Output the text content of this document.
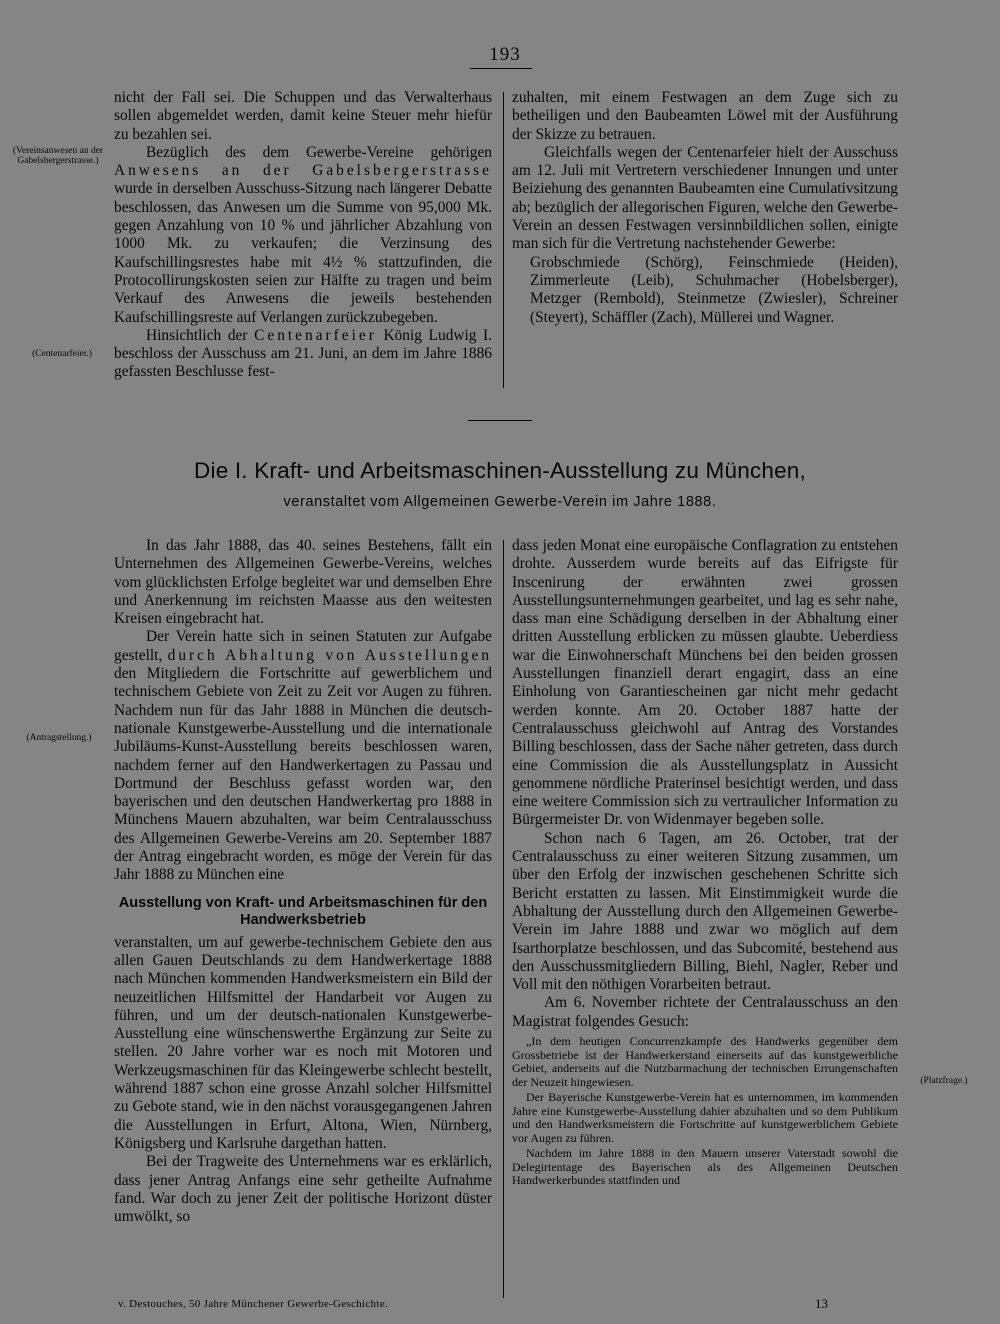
193

nicht der Fall sei. Die Schuppen und das Verwalterhaus sollen abgemeldet werden, damit keine Steuer mehr hiefür zu bezahlen sei.

Bezüglich des dem Gewerbe-Vereine gehörigen Anwesens an der Gabelsbergerstrasse wurde in derselben Ausschuss-Sitzung nach längerer Debatte beschlossen, das Anwesen um die Summe von 95,000 Mk. gegen Anzahlung von 10 % und jährlicher Abzahlung von 1000 Mk. zu verkaufen; die Verzinsung des Kaufschillingsrestes habe mit 4½ % stattzufinden, die Protocollirungskosten seien zur Hälfte zu tragen und beim Verkauf des Anwesens die jeweils bestehenden Kaufschillingsreste auf Verlangen zurückzubegeben.

Hinsichtlich der Centenarfeier König Ludwig I. beschloss der Ausschuss am 21. Juni, an dem im Jahre 1886 gefassten Beschlusse fest-

zuhalten, mit einem Festwagen an dem Zuge sich zu betheiligen und den Baubeamten Löwel mit der Ausführung der Skizze zu betrauen.

Gleichfalls wegen der Centenarfeier hielt der Ausschuss am 12. Juli mit Vertretern verschiedener Innungen und unter Beiziehung des genannten Baubeamten eine Cumulativsitzung ab; bezüglich der allegorischen Figuren, welche den Gewerbe-Verein an dessen Festwagen versinnbildlichen sollen, einigte man sich für die Vertretung nachstehender Gewerbe:

Grobschmiede (Schörg), Feinschmiede (Heiden), Zimmerleute (Leib), Schuhmacher (Hobelsberger), Metzger (Rembold), Steinmetze (Zwiesler), Schreiner (Steyert), Schäffler (Zach), Müllerei und Wagner.

(Vereinsanwesen an der Gabelsbergerstrasse.)
(Centenarfeier.)
(Antragstellung.)
(Platzfrage.)
Die I. Kraft- und Arbeitsmaschinen-Ausstellung zu München,
veranstaltet vom Allgemeinen Gewerbe-Verein im Jahre 1888.

In das Jahr 1888, das 40. seines Bestehens, fällt ein Unternehmen des Allgemeinen Gewerbe-Vereins, welches vom glücklichsten Erfolge begleitet war und demselben Ehre und Anerkennung im reichsten Maasse aus den weitesten Kreisen eingebracht hat.

Der Verein hatte sich in seinen Statuten zur Aufgabe gestellt, durch Abhaltung von Ausstellungen den Mitgliedern die Fortschritte auf gewerblichem und technischem Gebiete von Zeit zu Zeit vor Augen zu führen. Nachdem nun für das Jahr 1888 in München die deutsch-nationale Kunstgewerbe-Ausstellung und die internationale Jubiläums-Kunst-Ausstellung bereits beschlossen waren, nachdem ferner auf den Handwerkertagen zu Passau und Dortmund der Beschluss gefasst worden war, den bayerischen und den deutschen Handwerkertag pro 1888 in Münchens Mauern abzuhalten, war beim Centralausschuss des Allgemeinen Gewerbe-Vereins am 20. September 1887 der Antrag eingebracht worden, es möge der Verein für das Jahr 1888 zu München eine

Ausstellung von Kraft- und Arbeitsmaschinen für den Handwerksbetrieb

veranstalten, um auf gewerbe-technischem Gebiete den aus allen Gauen Deutschlands zu dem Handwerkertage 1888 nach München kommenden Handwerksmeistern ein Bild der neuzeitlichen Hilfsmittel der Handarbeit vor Augen zu führen, und um der deutsch-nationalen Kunstgewerbe-Ausstellung eine wünschenswerthe Ergänzung zur Seite zu stellen. 20 Jahre vorher war es noch mit Motoren und Werkzeugsmaschinen für das Kleingewerbe schlecht bestellt, während 1887 schon eine grosse Anzahl solcher Hilfsmittel zu Gebote stand, wie in den nächst vorausgegangenen Jahren die Ausstellungen in Erfurt, Altona, Wien, Nürnberg, Königsberg und Karlsruhe dargethan hatten.

Bei der Tragweite des Unternehmens war es erklärlich, dass jener Antrag Anfangs eine sehr getheilte Aufnahme fand. War doch zu jener Zeit der politische Horizont düster umwölkt, so

dass jeden Monat eine europäische Conflagration zu entstehen drohte. Ausserdem wurde bereits auf das Eifrigste für Inscenirung der erwähnten zwei grossen Ausstellungsunternehmungen gearbeitet, und lag es sehr nahe, dass man eine Schädigung derselben in der Abhaltung einer dritten Ausstellung erblicken zu müssen glaubte. Ueberdiess war die Einwohnerschaft Münchens bei den beiden grossen Ausstellungen finanziell derart engagirt, dass an eine Einholung von Garantiescheinen gar nicht mehr gedacht werden konnte. Am 20. October 1887 hatte der Centralausschuss gleichwohl auf Antrag des Vorstandes Billing beschlossen, dass der Sache näher getreten, dass durch eine Commission die als Ausstellungsplatz in Aussicht genommene nördliche Praterinsel besichtigt werden, und dass eine weitere Commission sich zu vertraulicher Information zu Bürgermeister Dr. von Widenmayer begeben solle.

Schon nach 6 Tagen, am 26. October, trat der Centralausschuss zu einer weiteren Sitzung zusammen, um über den Erfolg der inzwischen geschehenen Schritte sich Bericht erstatten zu lassen. Mit Einstimmigkeit wurde die Abhaltung der Ausstellung durch den Allgemeinen Gewerbe-Verein im Jahre 1888 und zwar wo möglich auf dem Isarthorplatze beschlossen, und das Subcomité, bestehend aus den Ausschussmitgliedern Billing, Biehl, Nagler, Reber und Voll mit den nöthigen Vorarbeiten betraut.

Am 6. November richtete der Centralausschuss an den Magistrat folgendes Gesuch:

„In dem heutigen Concurrenzkampfe des Handwerks gegenüber dem Grossbetriebe ist der Handwerkerstand einerseits auf das kunstgewerbliche Gebiet, anderseits auf die Nutzbarmachung der technischen Errungenschaften der Neuzeit hingewiesen.

Der Bayerische Kunstgewerbe-Verein hat es unternommen, im kommenden Jahre eine Kunstgewerbe-Ausstellung dahier abzuhalten und so dem Publikum und den Handwerksmeistern die Fortschritte auf kunstgewerblichem Gebiete vor Augen zu führen.

Nachdem im Jahre 1888 in den Mauern unserer Vaterstadt sowohl die Delegirtentage des Bayerischen als des Allgemeinen Deutschen Handwerkerbundes stattfinden und

v. Destouches, 50 Jahre Münchener Gewerbe-Geschichte.	13
